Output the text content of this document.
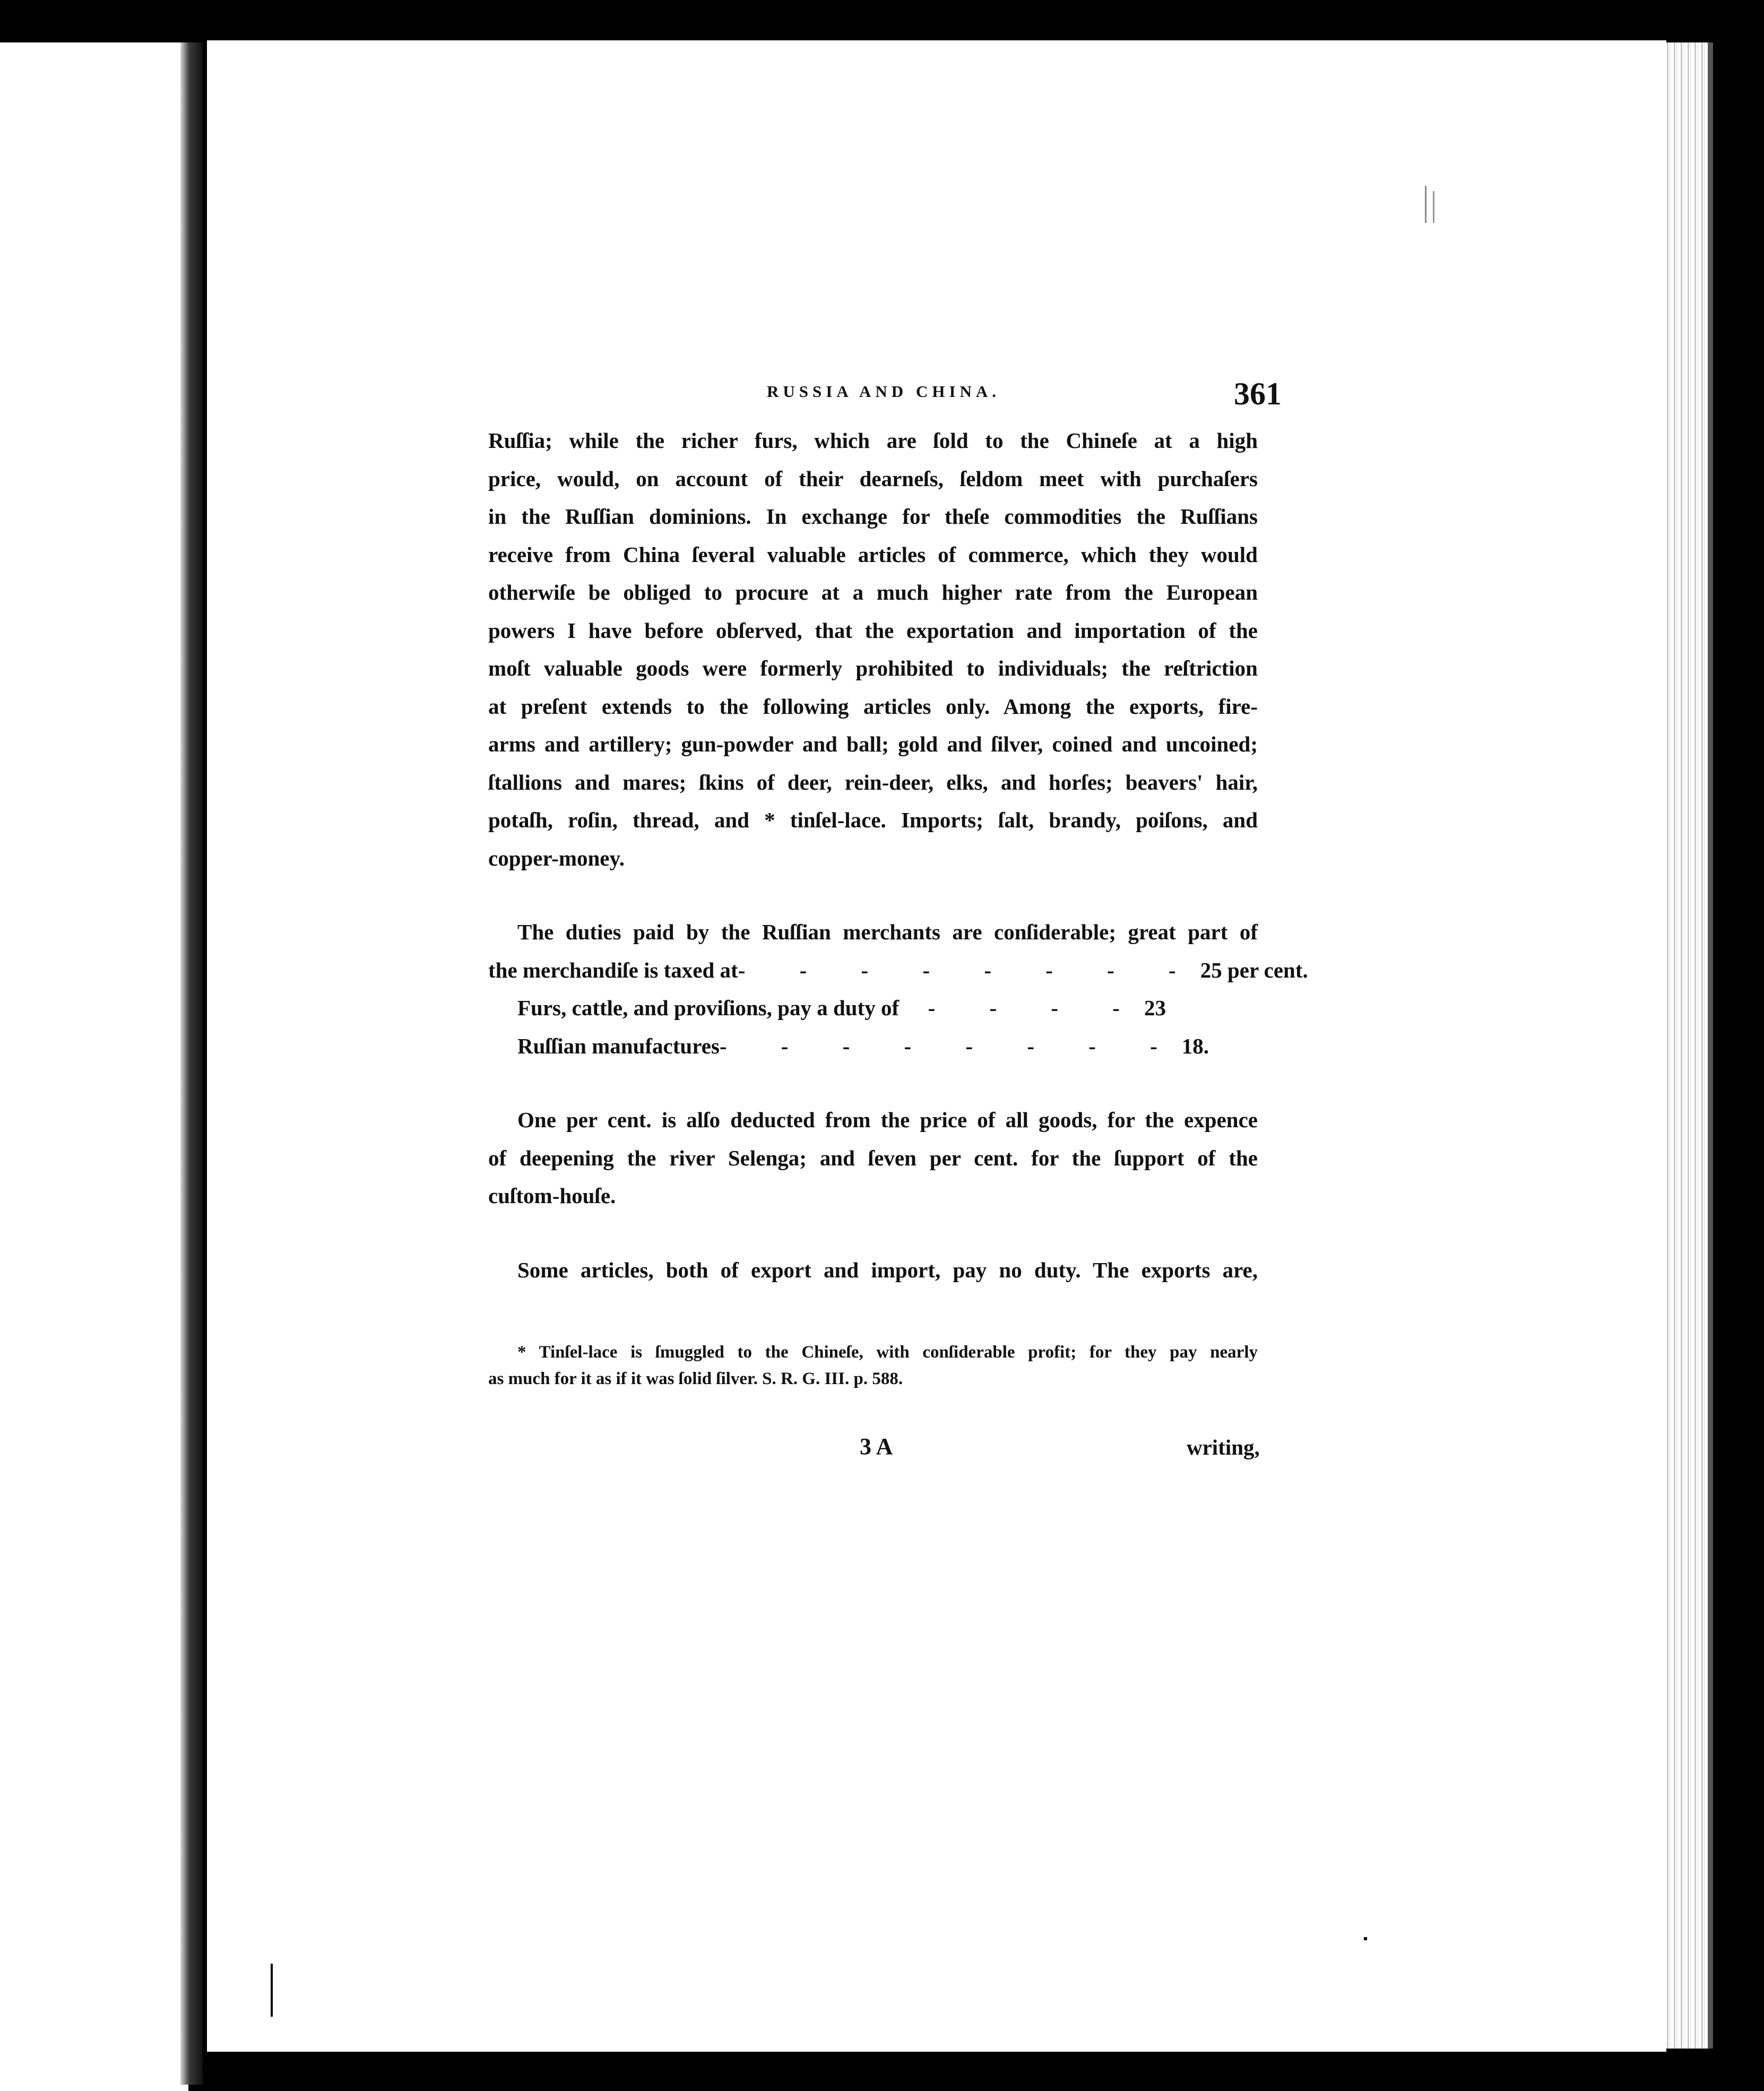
RUSSIA AND CHINA.	361
Ruſſia; while the richer furs, which are ſold to the Chineſe at a high
price, would, on account of their dearneſs, ſeldom meet with purchaſers
in the Ruſſian dominions. In exchange for theſe commodities the Ruſſians
receive from China ſeveral valuable articles of commerce, which they would
otherwiſe be obliged to procure at a much higher rate from the European
powers I have before obſerved, that the exportation and importation of the
moſt valuable goods were formerly prohibited to individuals; the reſtriction
at preſent extends to the following articles only. Among the exports, fire-
arms and artillery; gun-powder and ball; gold and ſilver, coined and uncoined;
ſtallions and mares; ſkins of deer, rein-deer, elks, and horſes; beavers' hair,
potaſh, roſin, thread, and * tinſel-lace. Imports; ſalt, brandy, poiſons, and
copper-money.
The duties paid by the Ruſſian merchants are conſiderable; great part of
the merchandiſe is taxed at - - - - - - - - 25 per cent.
Furs, cattle, and proviſions, pay a duty of	- - - - 23
Ruſſian manufactures - - - - - - - - 18.
One per cent. is alſo deducted from the price of all goods, for the expence
of deepening the river Selenga; and ſeven per cent. for the ſupport of the
cuſtom-houſe.
Some articles, both of export and import, pay no duty. The exports are,
* Tinſel-lace is ſmuggled to the Chineſe, with conſiderable profit; for they pay nearly
as much for it as if it was ſolid ſilver. S. R. G. III. p. 588.
3 A	writing,
